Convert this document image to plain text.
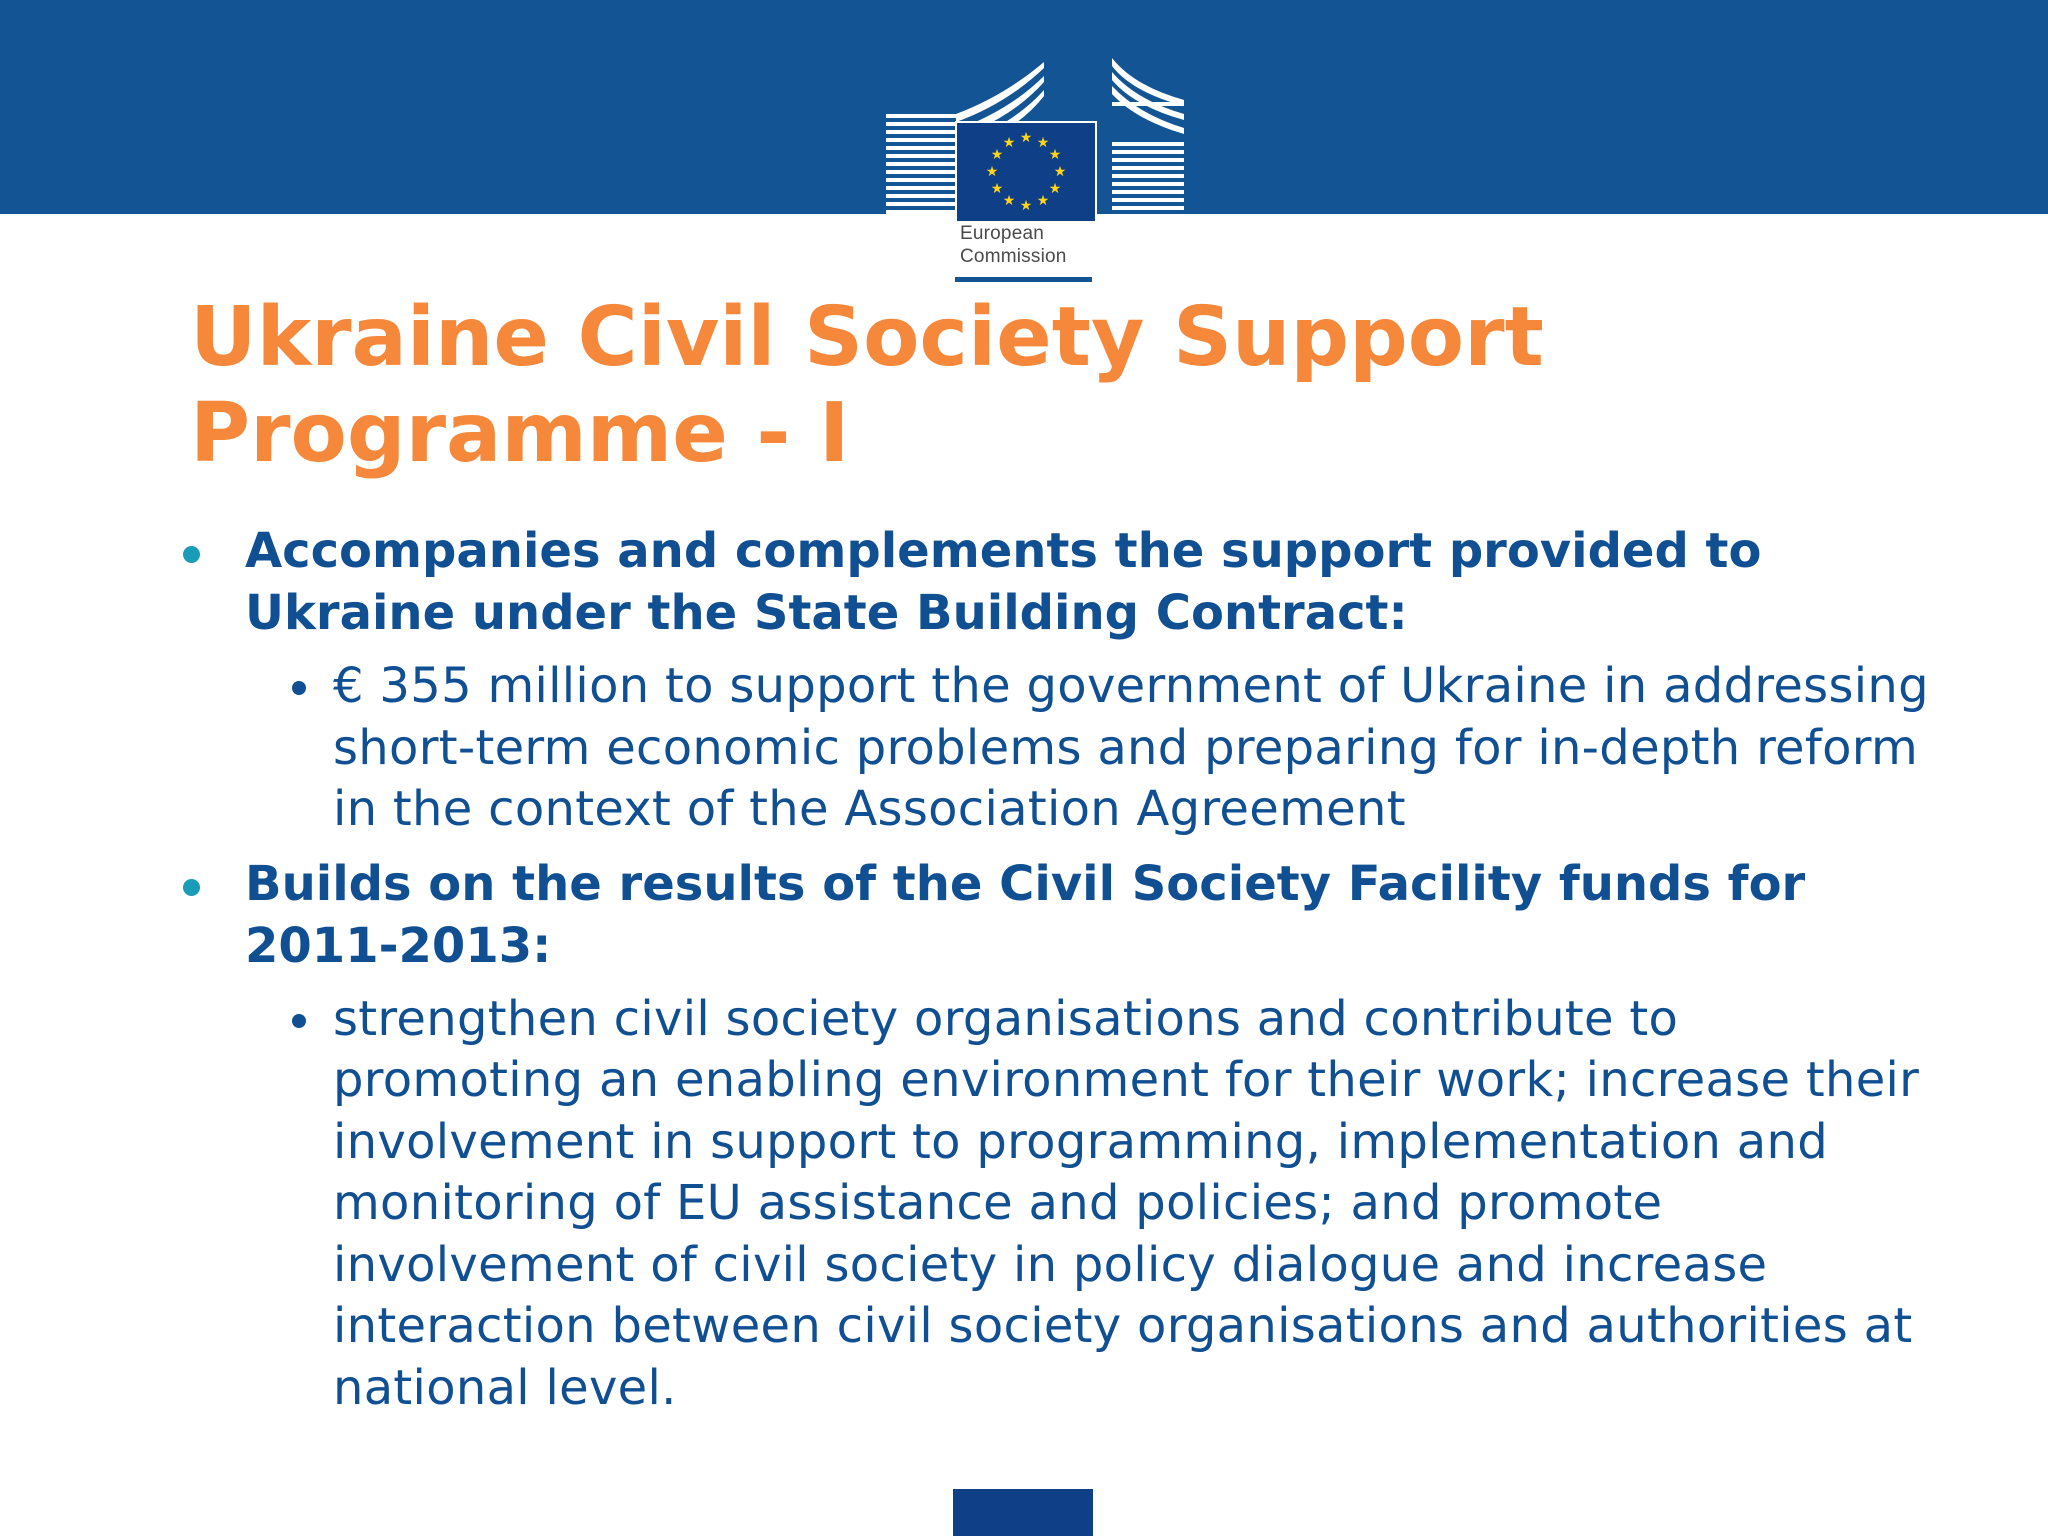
★ ★
★
★
★
★
★
★
★
★
★
★
European
Commission
Ukraine Civil Society Support Programme - I

Accompanies and complements the support provided to Ukraine under the State Building Contract:

€ 355 million to support the government of Ukraine in addressing short-term economic problems and preparing for in-depth reform in the context of the Association Agreement

Builds on the results of the Civil Society Facility funds for 2011-2013:

strengthen civil society organisations and contribute to promoting an enabling environment for their work; increase their involvement in support to programming, implementation and monitoring of EU assistance and policies; and promote involvement of civil society in policy dialogue and increase interaction between civil society organisations and authorities at national level.
